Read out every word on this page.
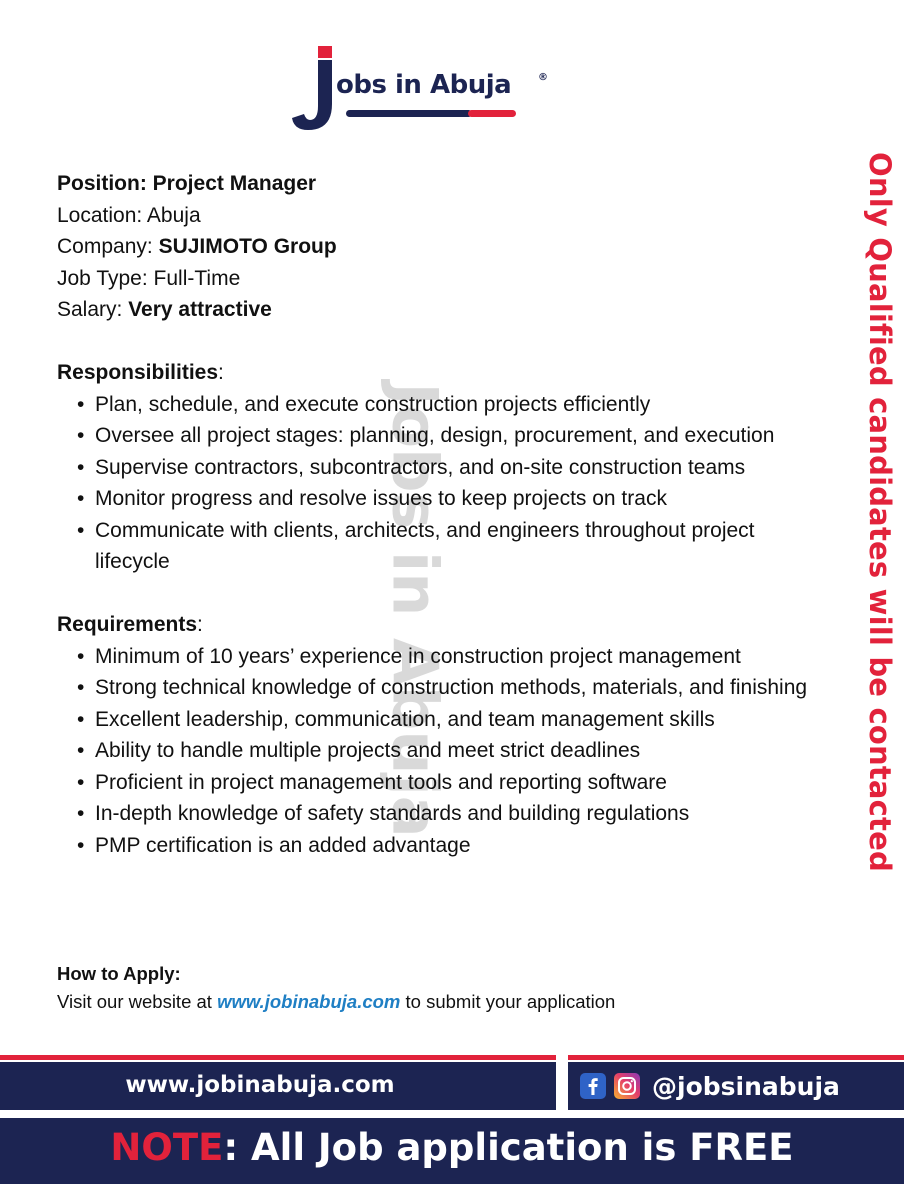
obs in Abuja	®
Jobs in Abuja	Only Qualified candidates will be contacted

Position: Project Manager

Location: Abuja

Company: SUJIMOTO Group

Job Type: Full-Time

Salary: Very attractive

Responsibilities:

• Plan, schedule, and execute construction projects efficiently
• Oversee all project stages: planning, design, procurement, and execution
• Supervise contractors, subcontractors, and on-site construction teams
• Monitor progress and resolve issues to keep projects on track
• Communicate with clients, architects, and engineers throughout project lifecycle

Requirements:

• Minimum of 10 years’ experience in construction project management
• Strong technical knowledge of construction methods, materials, and finishing
• Excellent leadership, communication, and team management skills
• Ability to handle multiple projects and meet strict deadlines
• Proficient in project management tools and reporting software
• In-depth knowledge of safety standards and building regulations
• PMP certification is an added advantage
How to Apply:
Visit our website at www.jobinabuja.com to submit your application
www.jobinabuja.com	@jobsinabuja
NOTE: All Job application is FREE
